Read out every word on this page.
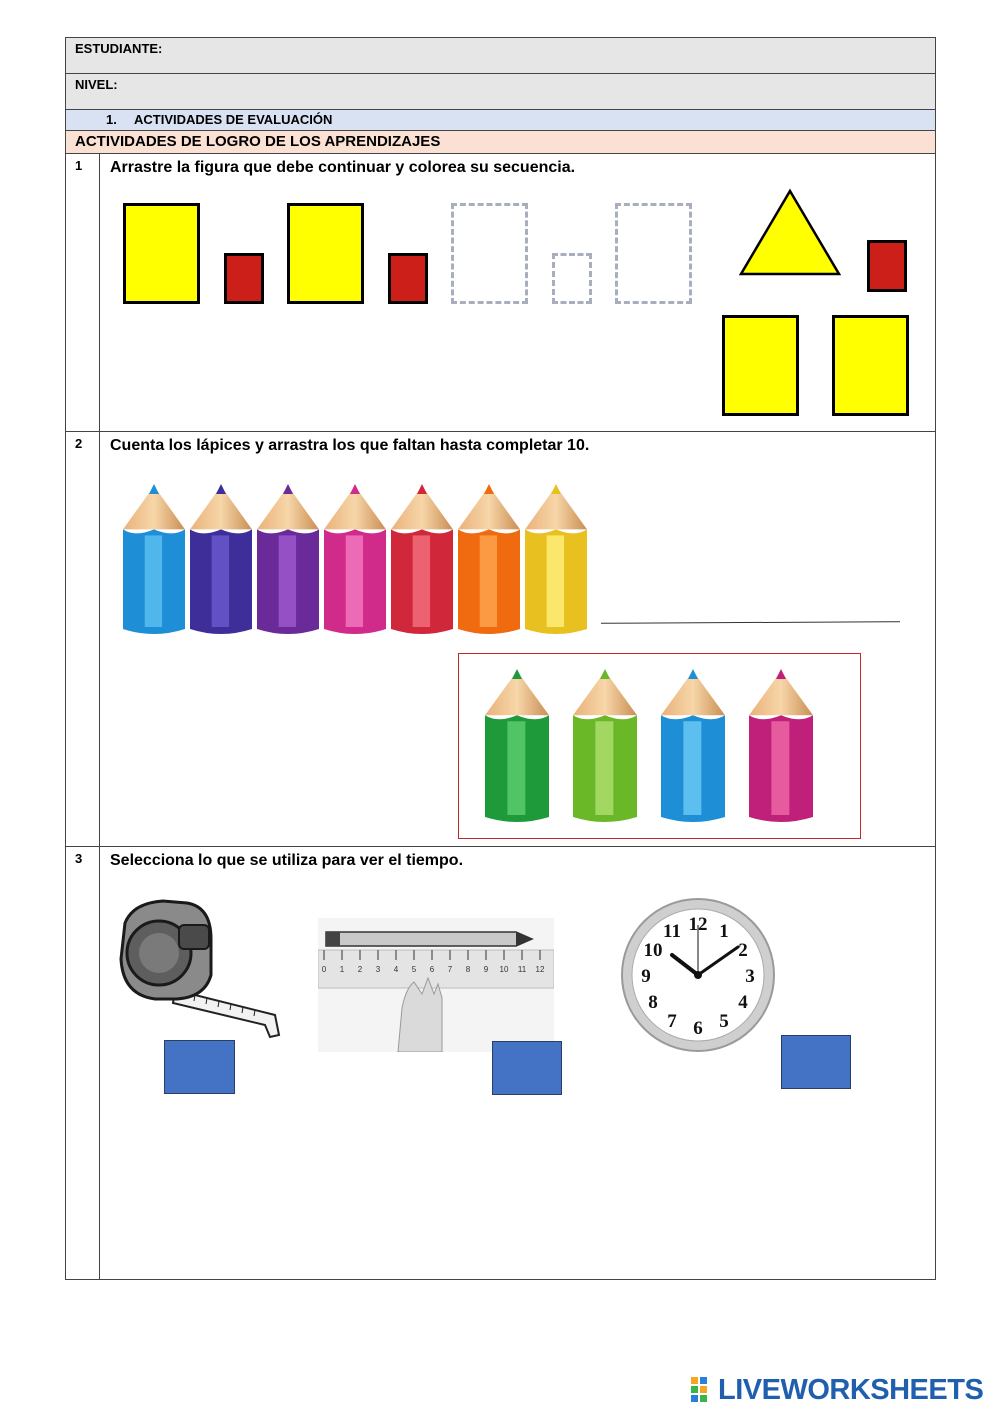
ESTUDIANTE:
NIVEL:
1. ACTIVIDADES DE EVALUACIÓN
ACTIVIDADES DE LOGRO DE LOS APRENDIZAJES
1 Arrastre la figura que debe continuar y colorea su secuencia.
2 Cuenta los lápices y arrastra los que faltan hasta completar 10.
3 Selecciona lo que se utiliza para ver el tiempo.
0 1 2 3 4 5 6 7 8 9 10 11 12
12 1
2
3
4
5
6
7
8
9
10
11
LIVEWORKSHEETS
